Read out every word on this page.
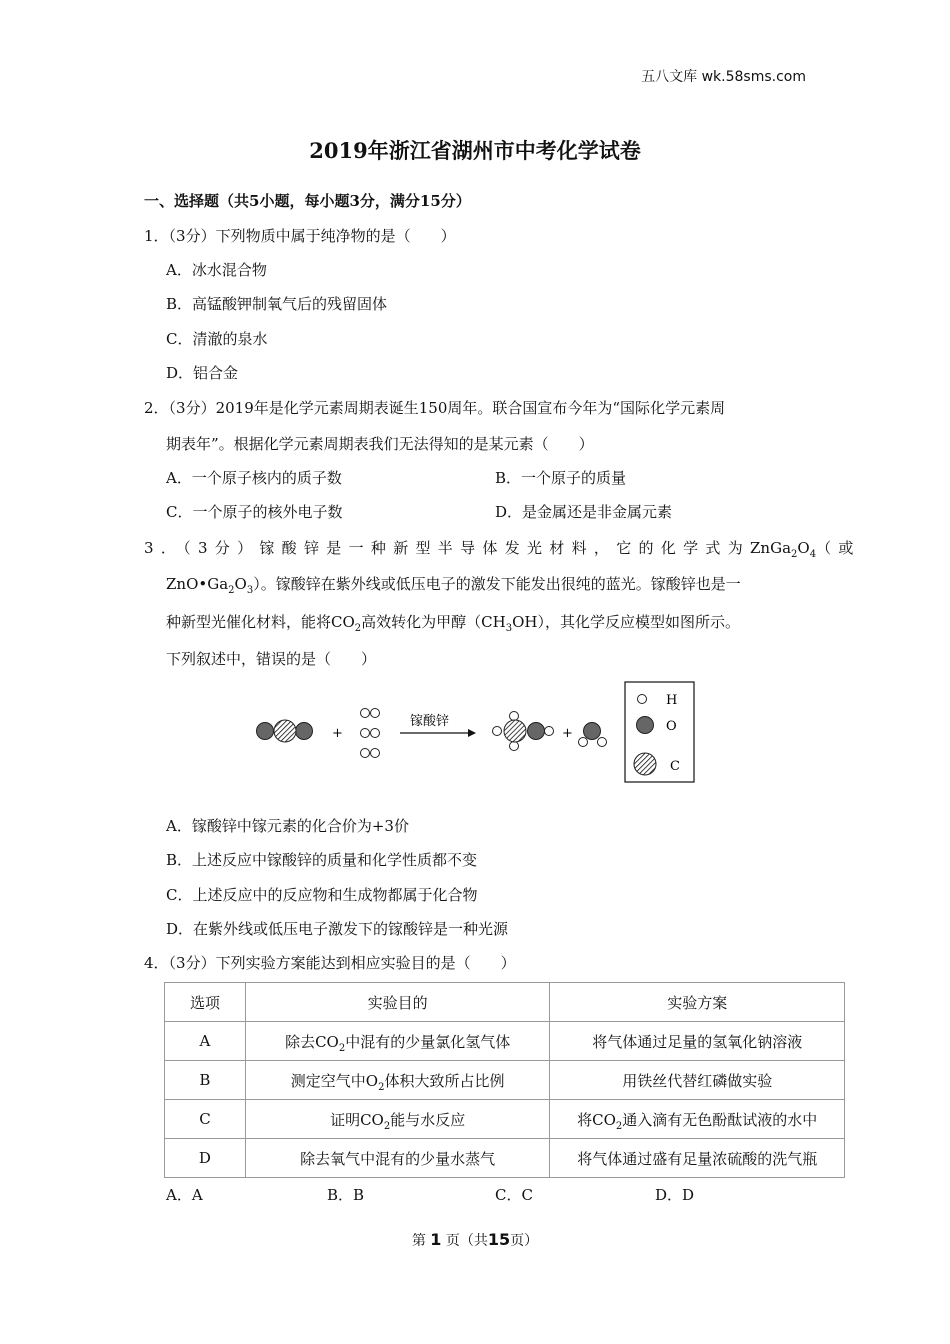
五八文库 wk.58sms.com
2019年浙江省湖州市中考化学试卷
一、选择题（共5小题，每小题3分，满分15分）
1．（3分）下列物质中属于纯净物的是（　　）
A．冰水混合物
B．高锰酸钾制氧气后的残留固体
C．清澈的泉水
D．铝合金
2．（3分）2019年是化学元素周期表诞生150周年。联合国宣布今年为“国际化学元素周
期表年”。根据化学元素周期表我们无法得知的是某元素（　　）
A．一个原子核内的质子数	B．一个原子的质量
C．一个原子的核外电子数	D．是金属还是非金属元素
3．（3分）镓酸锌是一种新型半导体发光材料，它的化学式为$ZnGa_2O_4$（或
$ZnO•Ga_2O_3$）。镓酸锌在紫外线或低压电子的激发下能发出很纯的蓝光。镓酸锌也是一
种新型光催化材料，能将$CO_2$高效转化为甲醇$(CH_3OH)$，其化学反应模型如图所示。
下列叙述中，错误的是（　　）
+
镓酸锌
+
H
O
C
A．镓酸锌中镓元素的化合价为+3价
B．上述反应中镓酸锌的质量和化学性质都不变
C．上述反应中的反应物和生成物都属于化合物
D．在紫外线或低压电子激发下的镓酸锌是一种光源
4．（3分）下列实验方案能达到相应实验目的是（　　）
选项	实验目的	实验方案
A	除去$CO_2$中混有的少量氯化氢气体	将气体通过足量的氢氧化钠溶液
B	测定空气中$O_2$体积大致所占比例	用铁丝代替红磷做实验
C	证明$CO_2$能与水反应	将$CO_2$通入滴有无色酚酞试液的水中
D	除去氧气中混有的少量水蒸气	将气体通过盛有足量浓硫酸的洗气瓶
A．A	B．B	C．C	D．D
第 1 页（共15页）
